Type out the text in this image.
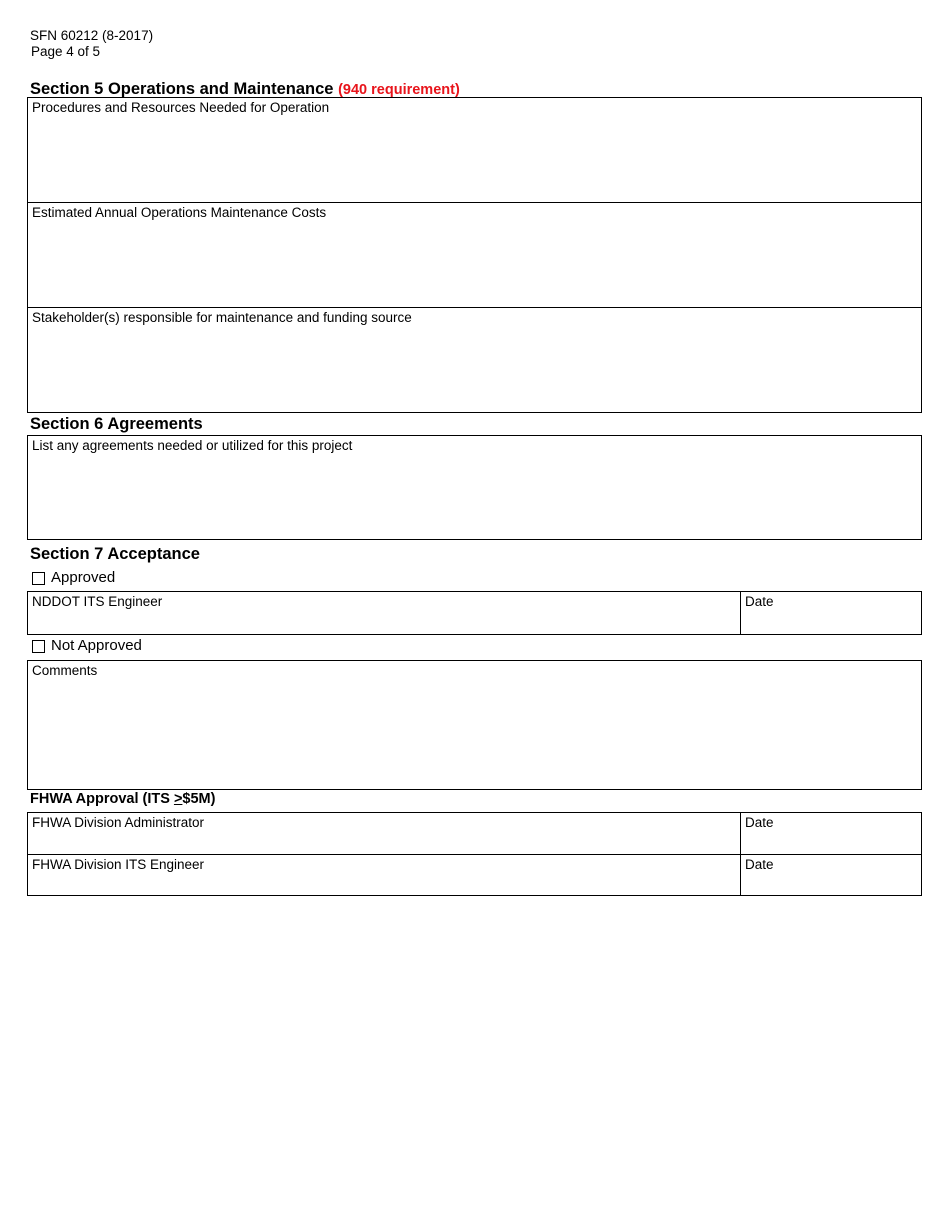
SFN 60212 (8-2017)
Page 4 of 5
Section 5 Operations and Maintenance (940 requirement)
Procedures and Resources Needed for Operation
Estimated Annual Operations Maintenance Costs
Stakeholder(s) responsible for maintenance and funding source
Section 6 Agreements
List any agreements needed or utilized for this project
Section 7 Acceptance
Approved
NDDOT ITS Engineer	Date
Not Approved
Comments
FHWA Approval (ITS >$5M)
FHWA Division Administrator	Date
FHWA Division ITS Engineer	Date
